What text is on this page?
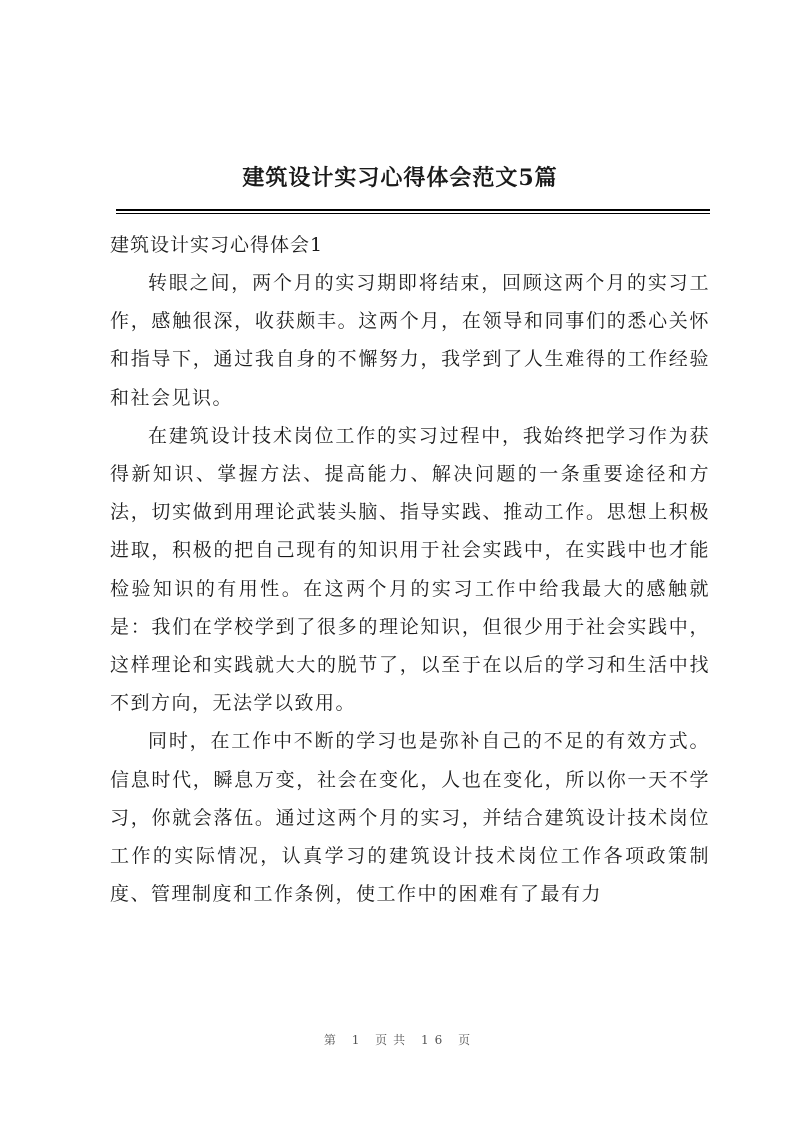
建筑设计实习心得体会范文5篇
建筑设计实习心得体会1

转眼之间，两个月的实习期即将结束，回顾这两个月的实习工作，感触很深，收获颇丰。这两个月，在领导和同事们的悉心关怀和指导下，通过我自身的不懈努力，我学到了人生难得的工作经验和社会见识。

在建筑设计技术岗位工作的实习过程中，我始终把学习作为获得新知识、掌握方法、提高能力、解决问题的一条重要途径和方法，切实做到用理论武装头脑、指导实践、推动工作。思想上积极进取，积极的把自己现有的知识用于社会实践中，在实践中也才能检验知识的有用性。在这两个月的实习工作中给我最大的感触就是：我们在学校学到了很多的理论知识，但很少用于社会实践中，这样理论和实践就大大的脱节了，以至于在以后的学习和生活中找不到方向，无法学以致用。

同时，在工作中不断的学习也是弥补自己的不足的有效方式。信息时代，瞬息万变，社会在变化，人也在变化，所以你一天不学习，你就会落伍。通过这两个月的实习，并结合建筑设计技术岗位工作的实际情况，认真学习的建筑设计技术岗位工作各项政策制度、管理制度和工作条例，使工作中的困难有了最有力

第 1 页共 16 页
